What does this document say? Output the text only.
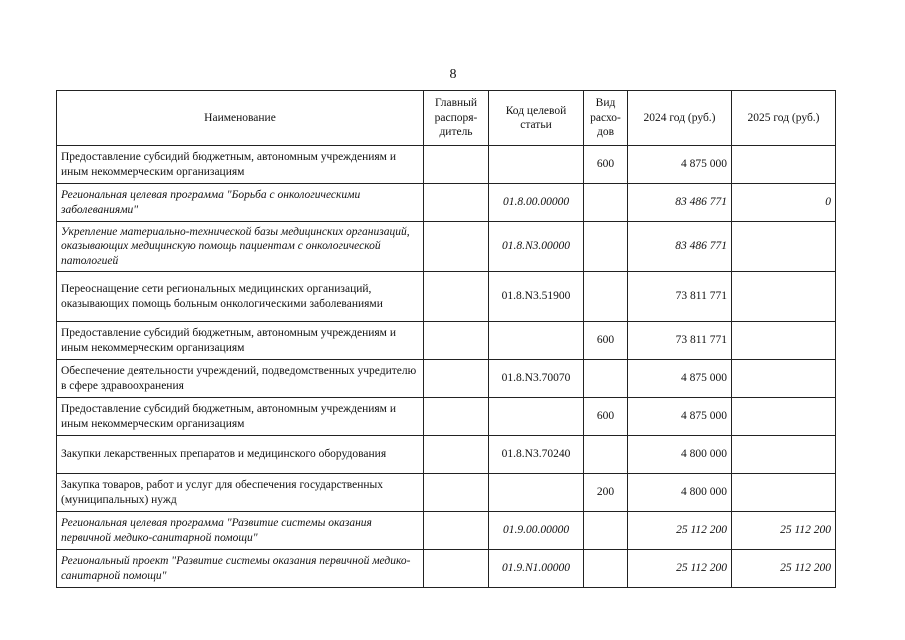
8
Наименование	Главный распоря-дитель	Код целевой статьи	Вид расхо-дов	2024 год (руб.)	2025 год (руб.)
Предоставление субсидий бюджетным, автономным учреждениям и иным некоммерческим организациям			600	4 875 000	
Региональная целевая программа "Борьба с онкологическими заболеваниями"		01.8.00.00000		83 486 771	0
Укрепление материально-технической базы медицинских организаций, оказывающих медицинскую помощь пациентам с онкологической патологией		01.8.N3.00000		83 486 771	
Переоснащение сети региональных медицинских организаций, оказывающих помощь больным онкологическими заболеваниями		01.8.N3.51900		73 811 771	
Предоставление субсидий бюджетным, автономным учреждениям и иным некоммерческим организациям			600	73 811 771	
Обеспечение деятельности учреждений, подведомственных учредителю в сфере здравоохранения		01.8.N3.70070		4 875 000	
Предоставление субсидий бюджетным, автономным учреждениям и иным некоммерческим организациям			600	4 875 000	
Закупки лекарственных препаратов и медицинского оборудования		01.8.N3.70240		4 800 000	
Закупка товаров, работ и услуг для обеспечения государственных (муниципальных) нужд			200	4 800 000	
Региональная целевая программа "Развитие системы оказания первичной медико-санитарной помощи"		01.9.00.00000		25 112 200	25 112 200
Региональный проект "Развитие системы оказания первичной медико-санитарной помощи"		01.9.N1.00000		25 112 200	25 112 200
